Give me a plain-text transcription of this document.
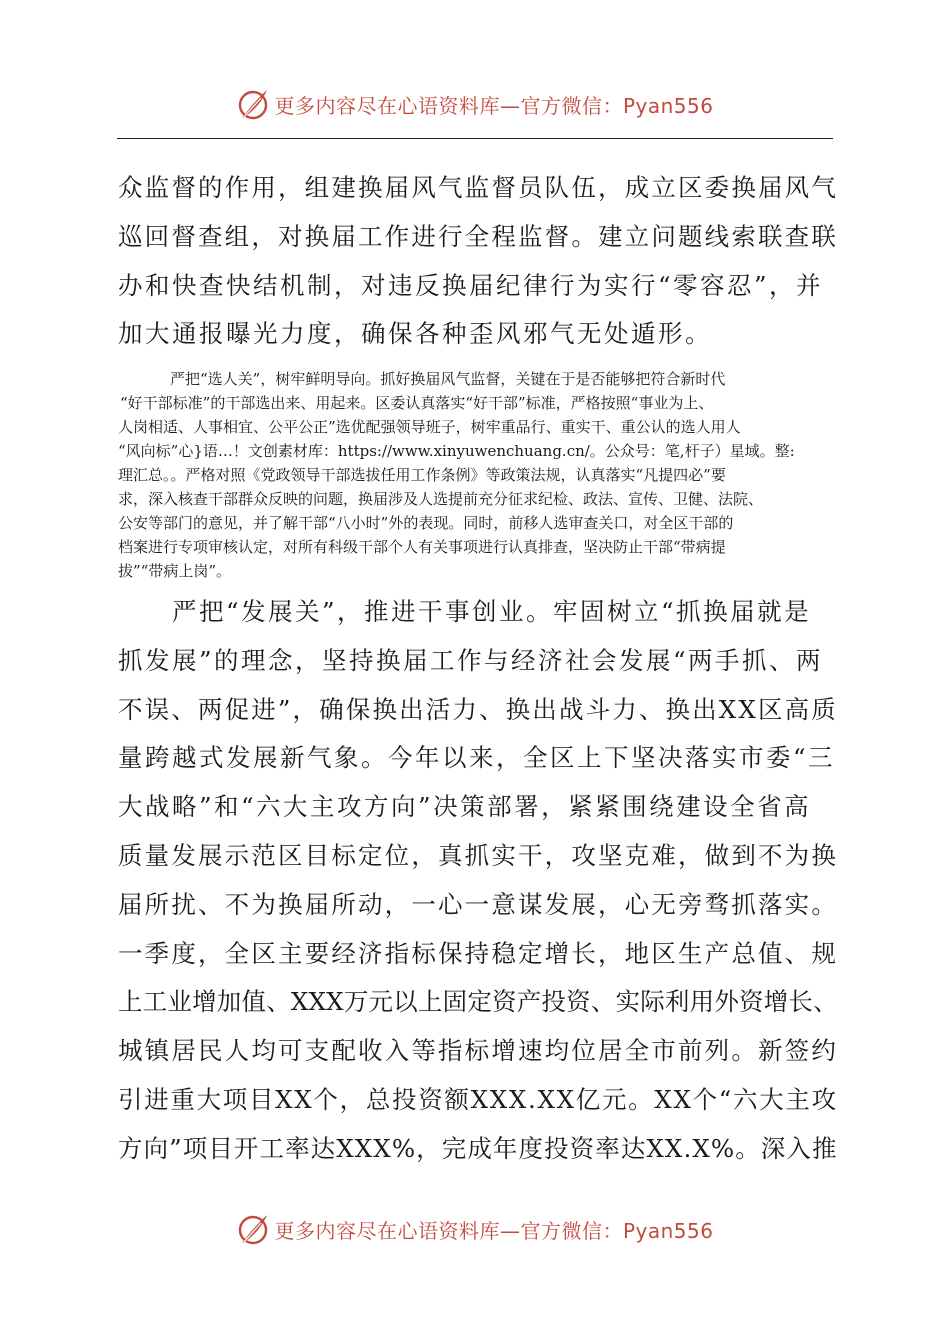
更多内容尽在心语资料库—官方微信：Pyan556
众监督的作用，组建换届风气监督员队伍，成立区委换届风气
巡回督查组，对换届工作进行全程监督。建立问题线索联查联
办和快查快结机制，对违反换届纪律行为实行“零容忍”，并
加大通报曝光力度，确保各种歪风邪气无处遁形。
严把“选人关”，树牢鲜明导向。抓好换届风气监督，关键在于是否能够把符合新时代
“好干部标准”的干部选出来、用起来。区委认真落实“好干部”标准，严格按照“事业为上、
人岗相适、人事相宜、公平公正”选优配强领导班子，树牢重品行、重实干、重公认的选人用人
“风向标”心}语…！文创素材库：https://www.xinyuwenchuang.cn/。公众号：笔,杆子）星域。整:
理汇总。。严格对照《党政领导干部选拔任用工作条例》等政策法规，认真落实“凡提四必”要
求，深入核查干部群众反映的问题，换届涉及人选提前充分征求纪检、政法、宣传、卫健、法院、
公安等部门的意见，并了解干部“八小时”外的表现。同时，前移人选审查关口，对全区干部的
档案进行专项审核认定，对所有科级干部个人有关事项进行认真排查，坚决防止干部“带病提
拔”“带病上岗”。
　　严把“发展关”，推进干事创业。牢固树立“抓换届就是
抓发展”的理念，坚持换届工作与经济社会发展“两手抓、两
不误、两促进”，确保换出活力、换出战斗力、换出XX区高质
量跨越式发展新气象。今年以来，全区上下坚决落实市委“三
大战略”和“六大主攻方向”决策部署，紧紧围绕建设全省高
质量发展示范区目标定位，真抓实干，攻坚克难，做到不为换
届所扰、不为换届所动，一心一意谋发展，心无旁骛抓落实。
一季度，全区主要经济指标保持稳定增长，地区生产总值、规
上工业增加值、XXX万元以上固定资产投资、实际利用外资增长、
城镇居民人均可支配收入等指标增速均位居全市前列。新签约
引进重大项目XX个，总投资额XXX.XX亿元。XX个“六大主攻
方向”项目开工率达XXX%，完成年度投资率达XX.X%。深入推
更多内容尽在心语资料库—官方微信：Pyan556
